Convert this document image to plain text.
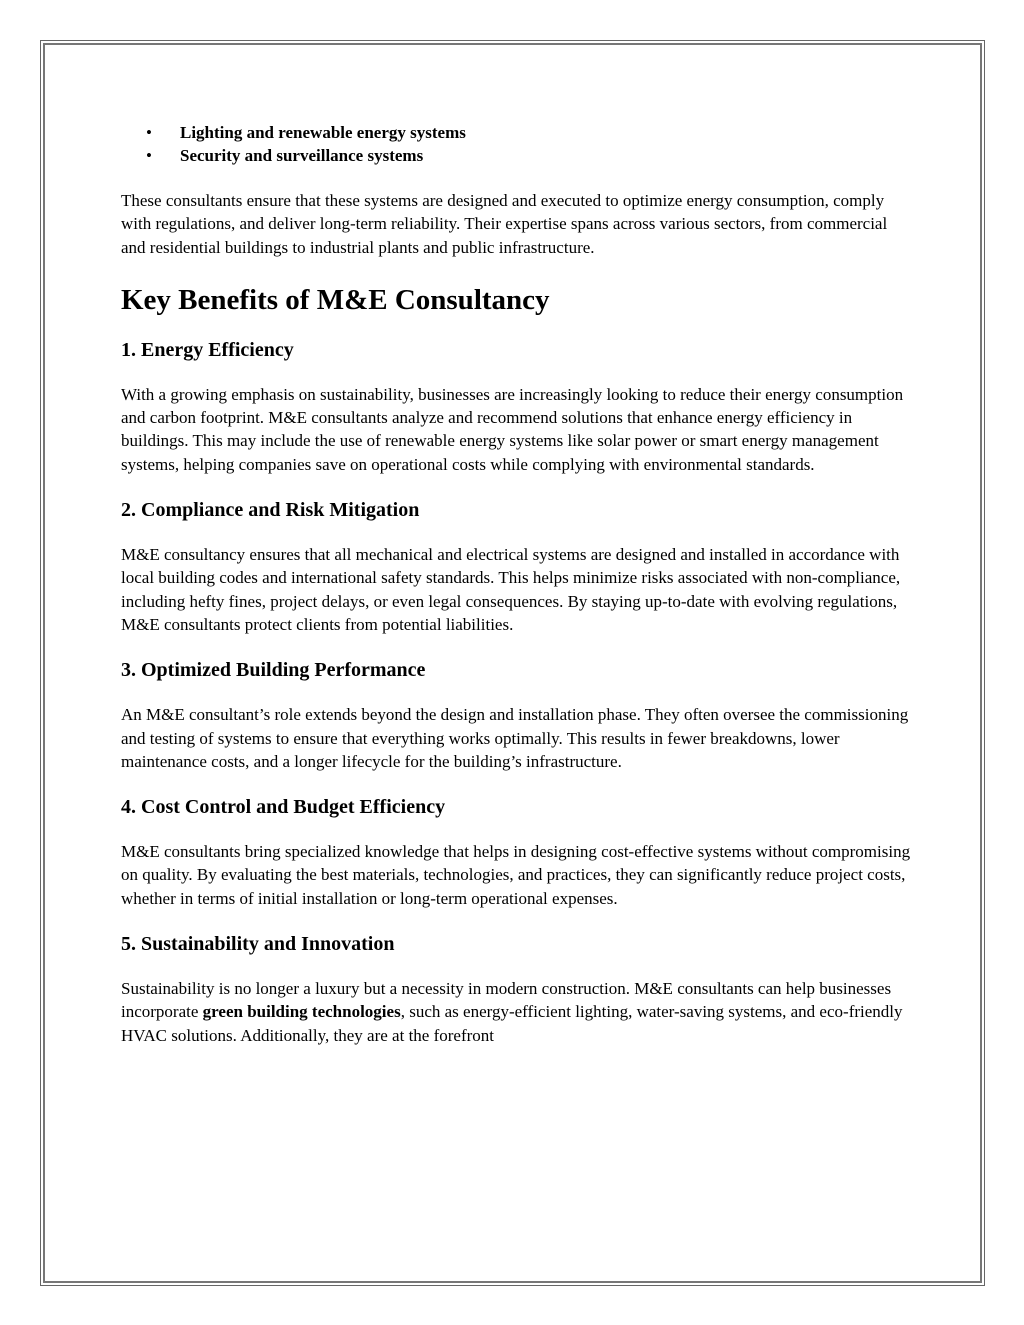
• Lighting and renewable energy systems
• Security and surveillance systems

These consultants ensure that these systems are designed and executed to optimize energy consumption, comply with regulations, and deliver long-term reliability. Their expertise spans across various sectors, from commercial and residential buildings to industrial plants and public infrastructure.

Key Benefits of M&E Consultancy
1. Energy Efficiency

With a growing emphasis on sustainability, businesses are increasingly looking to reduce their energy consumption and carbon footprint. M&E consultants analyze and recommend solutions that enhance energy efficiency in buildings. This may include the use of renewable energy systems like solar power or smart energy management systems, helping companies save on operational costs while complying with environmental standards.

2. Compliance and Risk Mitigation

M&E consultancy ensures that all mechanical and electrical systems are designed and installed in accordance with local building codes and international safety standards. This helps minimize risks associated with non-compliance, including hefty fines, project delays, or even legal consequences. By staying up-to-date with evolving regulations, M&E consultants protect clients from potential liabilities.

3. Optimized Building Performance

An M&E consultant’s role extends beyond the design and installation phase. They often oversee the commissioning and testing of systems to ensure that everything works optimally. This results in fewer breakdowns, lower maintenance costs, and a longer lifecycle for the building’s infrastructure.

4. Cost Control and Budget Efficiency

M&E consultants bring specialized knowledge that helps in designing cost-effective systems without compromising on quality. By evaluating the best materials, technologies, and practices, they can significantly reduce project costs, whether in terms of initial installation or long-term operational expenses.

5. Sustainability and Innovation

Sustainability is no longer a luxury but a necessity in modern construction. M&E consultants can help businesses incorporate green building technologies, such as energy-efficient lighting, water-saving systems, and eco-friendly HVAC solutions. Additionally, they are at the forefront
